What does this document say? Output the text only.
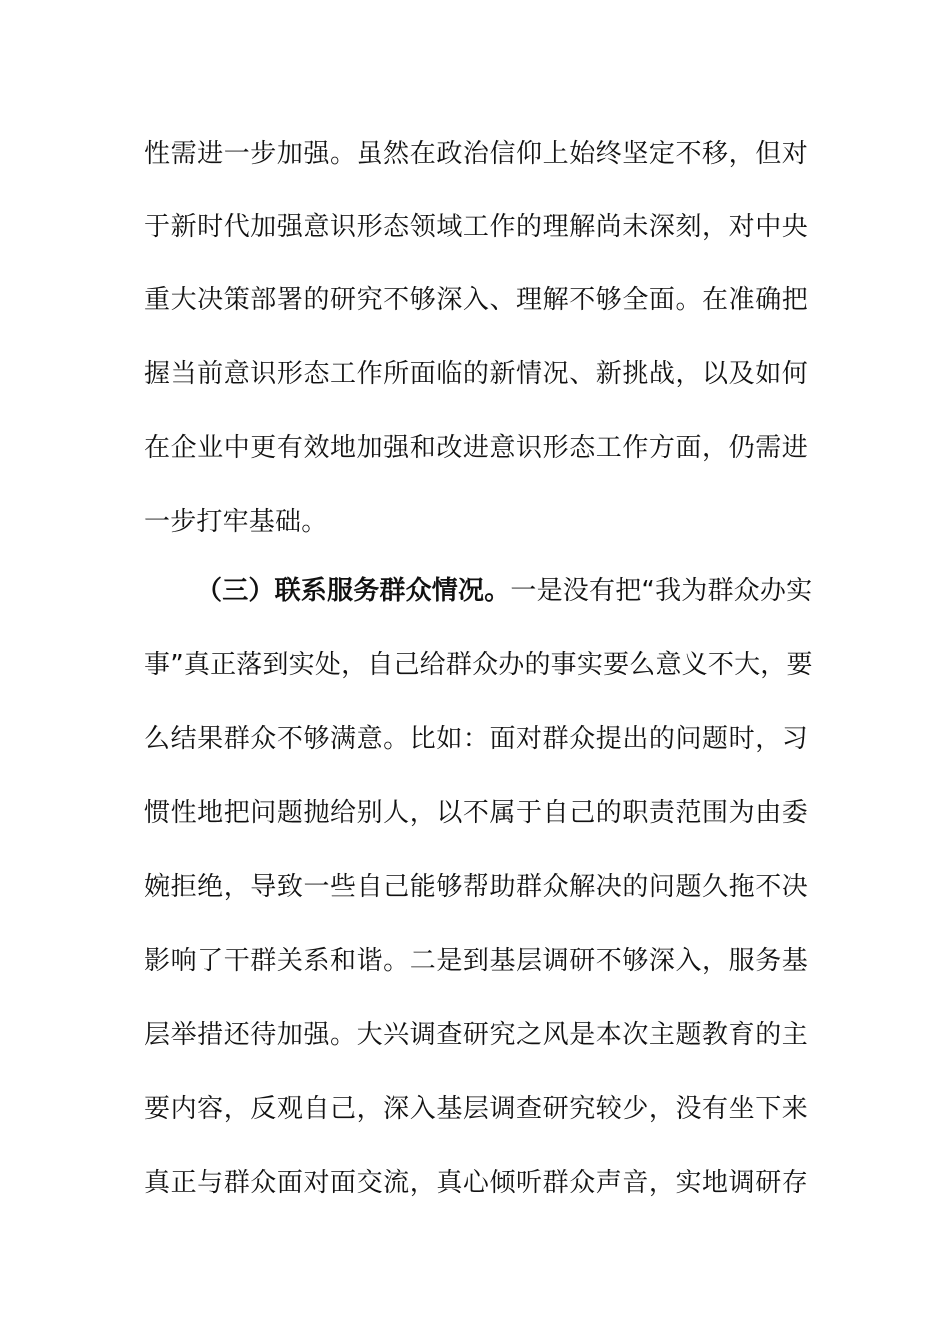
性需进一步加强。虽然在政治信仰上始终坚定不移，但对
于新时代加强意识形态领域工作的理解尚未深刻，对中央
重大决策部署的研究不够深入、理解不够全面。在准确把
握当前意识形态工作所面临的新情况、新挑战，以及如何
在企业中更有效地加强和改进意识形态工作方面，仍需进
一步打牢基础。
（三）联系服务群众情况。一是没有把“我为群众办实
事”真正落到实处，自己给群众办的事实要么意义不大，要
么结果群众不够满意。比如：面对群众提出的问题时，习
惯性地把问题抛给别人，以不属于自己的职责范围为由委
婉拒绝，导致一些自己能够帮助群众解决的问题久拖不决
影响了干群关系和谐。二是到基层调研不够深入，服务基
层举措还待加强。大兴调查研究之风是本次主题教育的主
要内容，反观自己，深入基层调查研究较少，没有坐下来
真正与群众面对面交流，真心倾听群众声音，实地调研存
